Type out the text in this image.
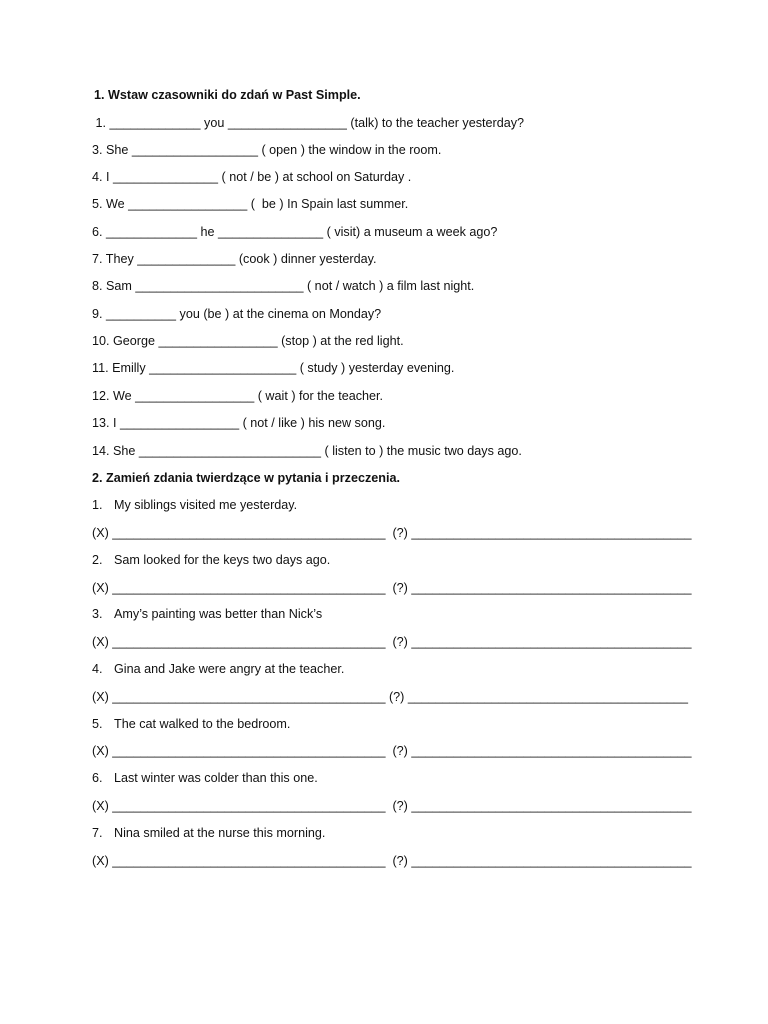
1. Wstaw czasowniki do zdań w Past Simple.
1. _____________ you _________________ (talk) to the teacher yesterday?
3. She __________________ ( open ) the window in the room.
4. I _______________ ( not / be ) at school on Saturday .
5. We _________________ (  be ) In Spain last summer.
6. _____________ he _______________ ( visit) a museum a week ago?
7. They ______________ (cook ) dinner yesterday.
8. Sam ________________________ ( not / watch ) a film last night.
9. __________ you (be ) at the cinema on Monday?
10. George _________________ (stop ) at the red light.
11. Emilly _____________________ ( study ) yesterday evening.
12. We _________________ ( wait ) for the teacher.
13. I _________________ ( not / like ) his new song.
14. She __________________________ ( listen to ) the music two days ago.
2. Zamień zdania twierdzące w pytania i przeczenia.
1. My siblings visited me yesterday.
(X) _______________________________________  (?) ________________________________________
2. Sam looked for the keys two days ago.
(X) _______________________________________  (?) ________________________________________
3. Amy’s painting was better than Nick’s
(X) _______________________________________  (?) ________________________________________
4. Gina and Jake were angry at the teacher.
(X) _______________________________________ (?) ________________________________________
5. The cat walked to the bedroom.
(X) _______________________________________  (?) ________________________________________
6. Last winter was colder than this one.
(X) _______________________________________  (?) ________________________________________
7. Nina smiled at the nurse this morning.
(X) _______________________________________  (?) ________________________________________
